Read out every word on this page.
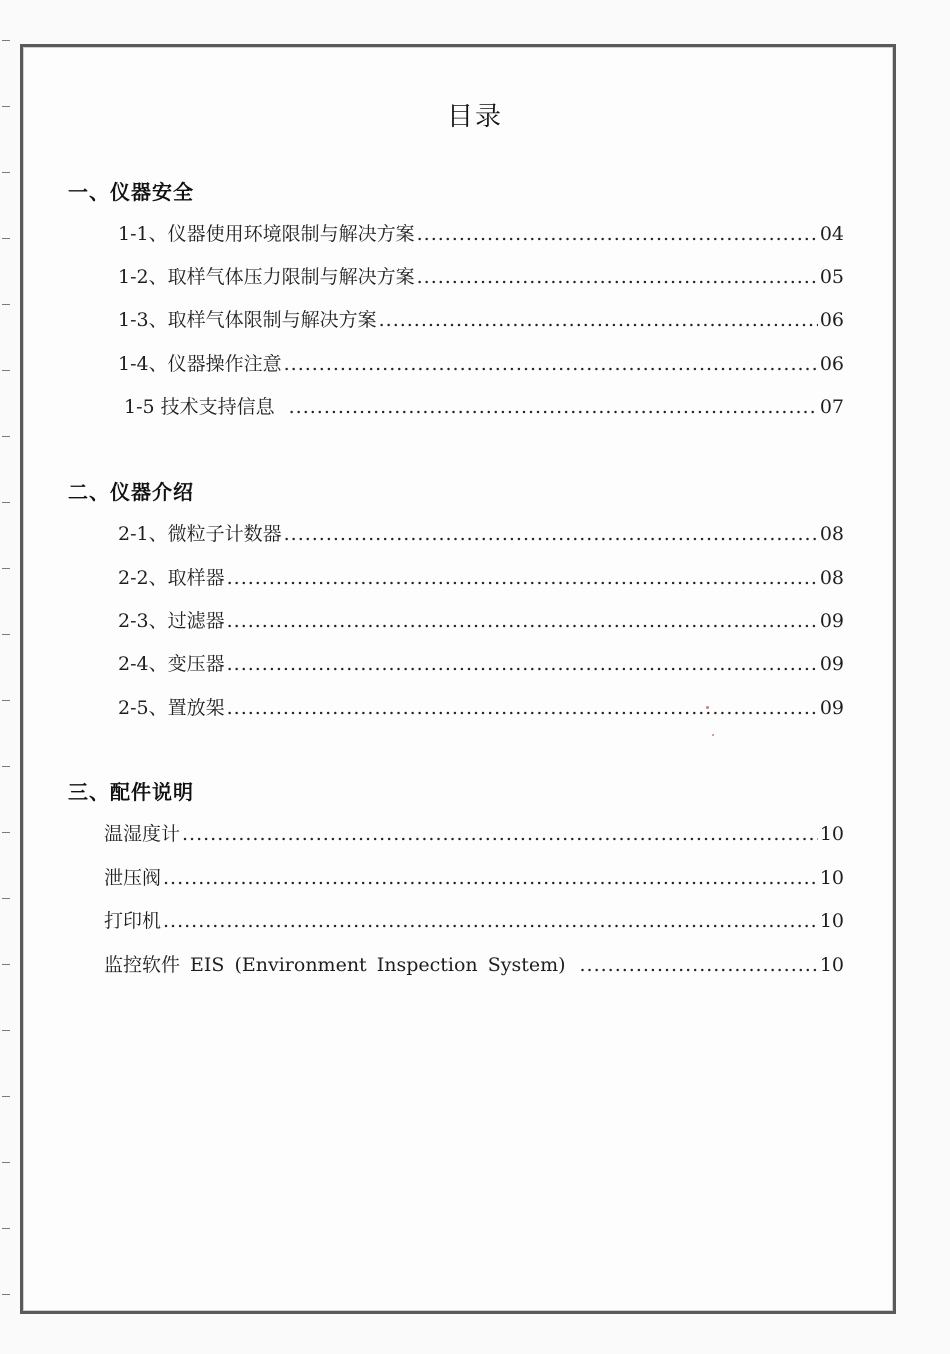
目录
一、仪器安全
1-1、仪器使用环境限制与解决方案 .....	04
1-2、取样气体压力限制与解决方案 .....	05
1-3、取样气体限制与解决方案 .....	06
1-4、仪器操作注意 .....	06
1-5 技术支持信息 .....	07
二、仪器介绍
2-1、微粒子计数器 .....	08
2-2、取样器 .....	08
2-3、过滤器 .....	09
2-4、变压器 .....	09
2-5、置放架 .....	09
三、配件说明
温湿度计 .....	10
泄压阀 .....	10
打印机 .....	10
监控软件 EIS (Environment Inspection System) .....	10
